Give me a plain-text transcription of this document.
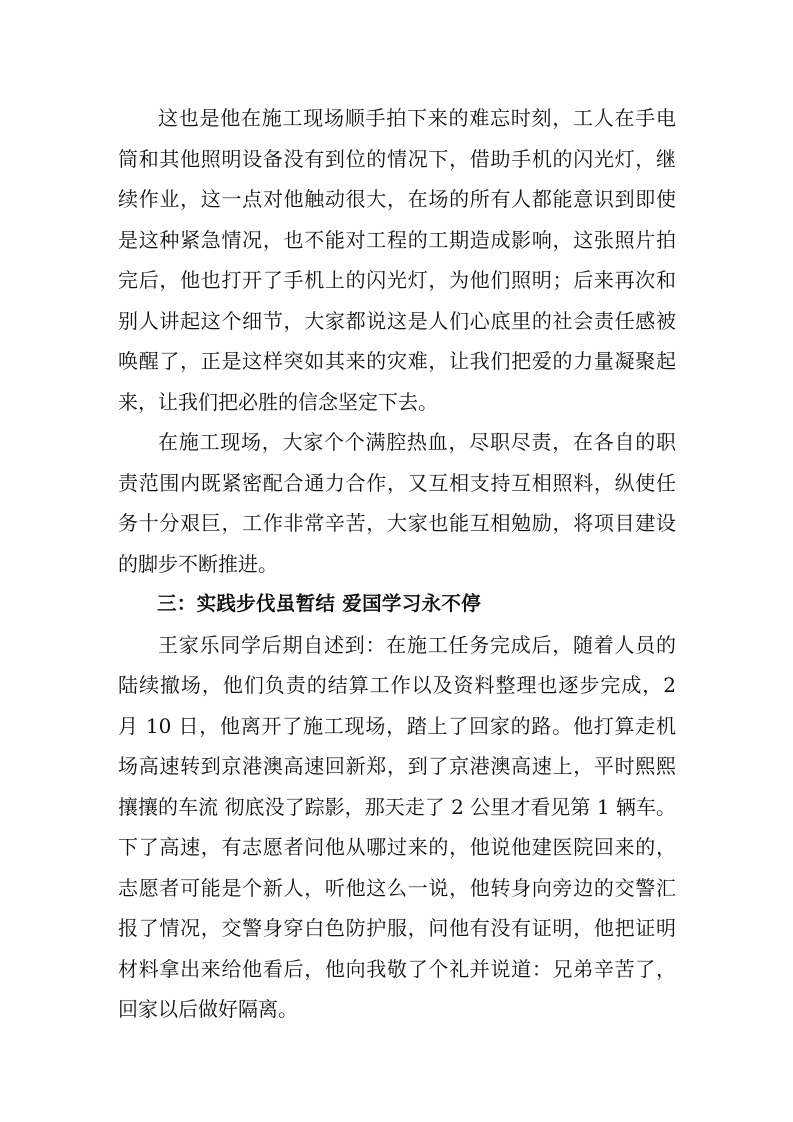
这也是他在施工现场顺手拍下来的难忘时刻，工人在手电筒和其他照明设备没有到位的情况下，借助手机的闪光灯，继续作业，这一点对他触动很大，在场的所有人都能意识到即使是这种紧急情况，也不能对工程的工期造成影响，这张照片拍完后，他也打开了手机上的闪光灯，为他们照明；后来再次和别人讲起这个细节，大家都说这是人们心底里的社会责任感被唤醒了，正是这样突如其来的灾难，让我们把爱的力量凝聚起来，让我们把必胜的信念坚定下去。

在施工现场，大家个个满腔热血，尽职尽责，在各自的职责范围内既紧密配合通力合作，又互相支持互相照料，纵使任务十分艰巨，工作非常辛苦，大家也能互相勉励，将项目建设的脚步不断推进。

三：实践步伐虽暂结 爱国学习永不停

王家乐同学后期自述到：在施工任务完成后，随着人员的陆续撤场，他们负责的结算工作以及资料整理也逐步完成，2 月 10 日，他离开了施工现场，踏上了回家的路。他打算走机场高速转到京港澳高速回新郑，到了京港澳高速上，平时熙熙攘攘的车流 彻底没了踪影，那天走了 2 公里才看见第 1 辆车。下了高速，有志愿者问他从哪过来的，他说他建医院回来的，志愿者可能是个新人，听他这么一说，他转身向旁边的交警汇报了情况，交警身穿白色防护服，问他有没有证明，他把证明材料拿出来给他看后，他向我敬了个礼并说道：兄弟辛苦了，回家以后做好隔离。
